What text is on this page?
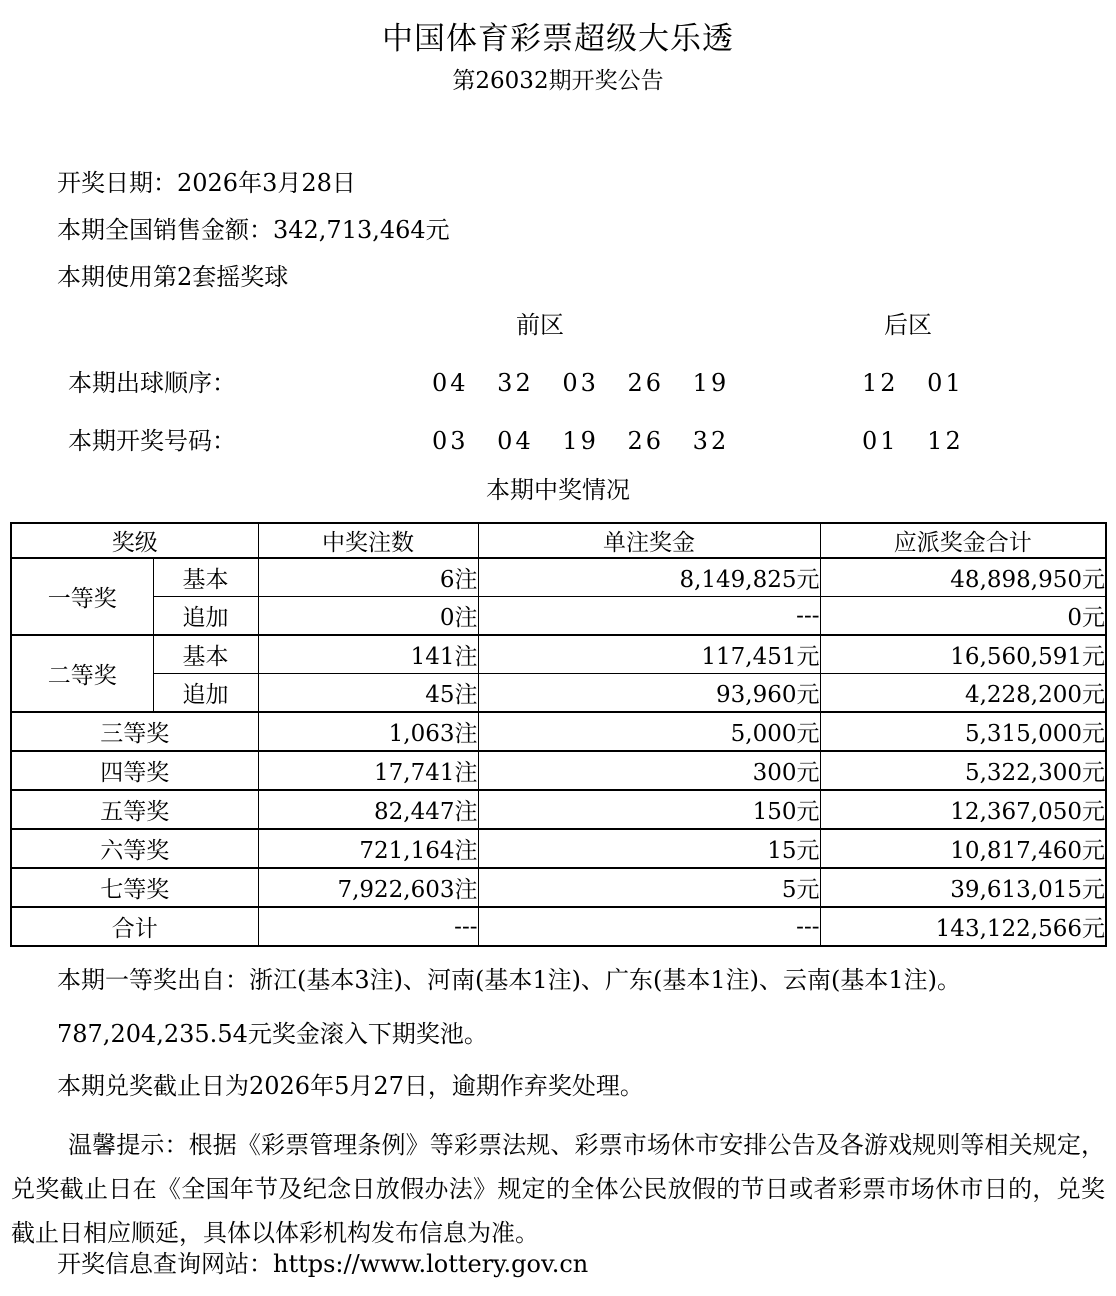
中国体育彩票超级大乐透
第26032期开奖公告

开奖日期：2026年3月28日

本期全国销售金额：342,713,464元

本期使用第2套摇奖球

前区	后区
本期出球顺序：	04 32 03 26 19	12 01
本期开奖号码：	03 04 19 26 32	01 12
本期中奖情况
奖级		中奖注数	单注奖金	应派奖金合计
一等奖	基本	6注	8,149,825元	48,898,950元
	追加	0注	---	0元
二等奖	基本	141注	117,451元	16,560,591元
	追加	45注	93,960元	4,228,200元
三等奖		1,063注	5,000元	5,315,000元
四等奖		17,741注	300元	5,322,300元
五等奖		82,447注	150元	12,367,050元
六等奖		721,164注	15元	10,817,460元
七等奖		7,922,603注	5元	39,613,015元
合计		---	---	143,122,566元

本期一等奖出自：浙江(基本3注)、河南(基本1注)、广东(基本1注)、云南(基本1注)。

787,204,235.54元奖金滚入下期奖池。

本期兑奖截止日为2026年5月27日，逾期作弃奖处理。

温馨提示：根据《彩票管理条例》等彩票法规、彩票市场休市安排公告及各游戏规则等相关规定，兑奖截止日在《全国年节及纪念日放假办法》规定的全体公民放假的节日或者彩票市场休市日的，兑奖截止日相应顺延，具体以体彩机构发布信息为准。

开奖信息查询网站：https://www.lottery.gov.cn
